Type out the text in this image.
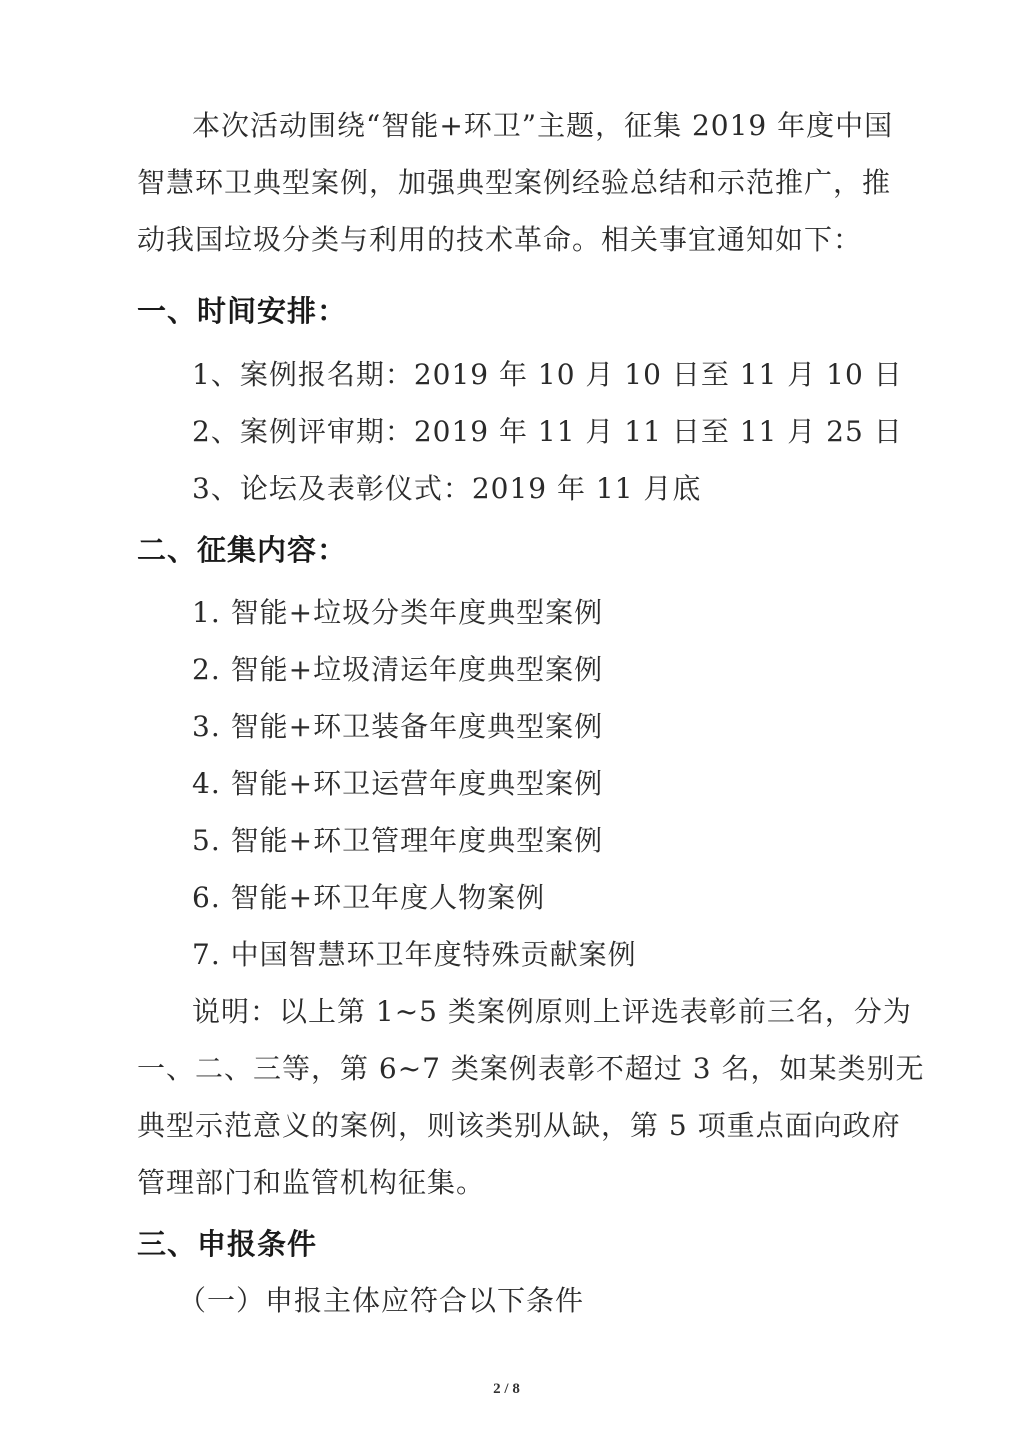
本次活动围绕“智能+环卫”主题，征集 2019 年度中国
智慧环卫典型案例，加强典型案例经验总结和示范推广，推
动我国垃圾分类与利用的技术革命。相关事宜通知如下：
一、时间安排：
1、案例报名期：2019 年 10 月 10 日至 11 月 10 日
2、案例评审期：2019 年 11 月 11 日至 11 月 25 日
3、论坛及表彰仪式：2019 年 11 月底
二、征集内容：
1. 智能+垃圾分类年度典型案例
2. 智能+垃圾清运年度典型案例
3. 智能+环卫装备年度典型案例
4. 智能+环卫运营年度典型案例
5. 智能+环卫管理年度典型案例
6. 智能+环卫年度人物案例
7. 中国智慧环卫年度特殊贡献案例
说明：以上第 1~5 类案例原则上评选表彰前三名，分为
一、二、三等，第 6~7 类案例表彰不超过 3 名，如某类别无
典型示范意义的案例，则该类别从缺，第 5 项重点面向政府
管理部门和监管机构征集。
三、申报条件
（一）申报主体应符合以下条件
2 / 8
